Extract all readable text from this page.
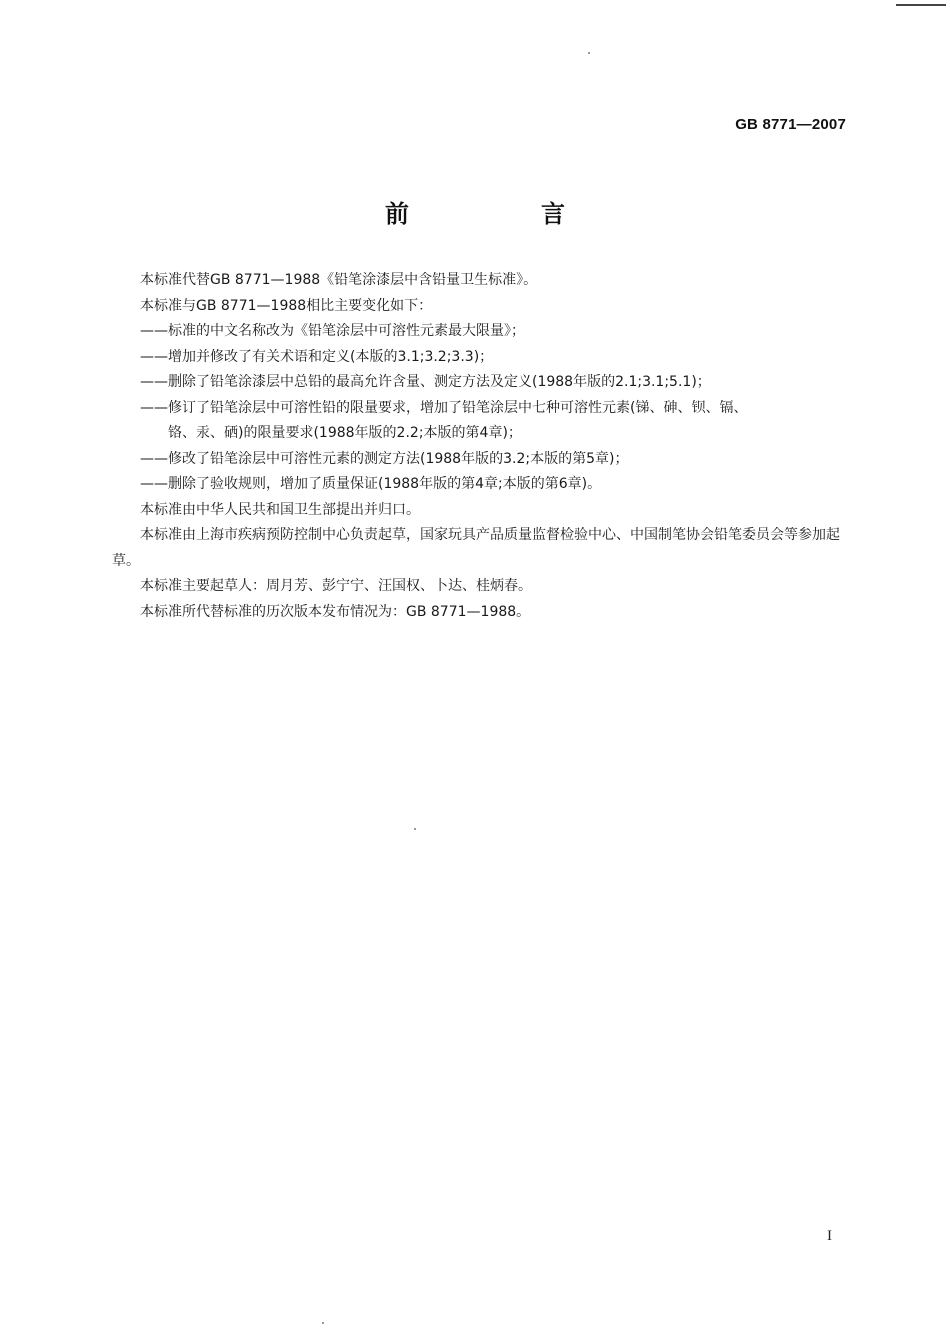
GB 8771—2007
前　言

本标准代替GB 8771—1988《铅笔涂漆层中含铅量卫生标准》。

本标准与GB 8771—1988相比主要变化如下：

—— 标准的中文名称改为《铅笔涂层中可溶性元素最大限量》；
—— 增加并修改了有关术语和定义(本版的3.1;3.2;3.3)；
—— 删除了铅笔涂漆层中总铅的最高允许含量、测定方法及定义(1988年版的2.1;3.1;5.1)；
—— 修订了铅笔涂层中可溶性铅的限量要求，增加了铅笔涂层中七种可溶性元素(锑、砷、钡、镉、
铬、汞、硒)的限量要求(1988年版的2.2;本版的第4章)；
—— 修改了铅笔涂层中可溶性元素的测定方法(1988年版的3.2;本版的第5章)；
—— 删除了验收规则，增加了质量保证(1988年版的第4章;本版的第6章)。

本标准由中华人民共和国卫生部提出并归口。

本标准由上海市疾病预防控制中心负责起草，国家玩具产品质量监督检验中心、中国制笔协会铅笔委员会等参加起草。

本标准主要起草人：周月芳、彭宁宁、汪国权、卜达、桂炳春。

本标准所代替标准的历次版本发布情况为：GB 8771—1988。

I
